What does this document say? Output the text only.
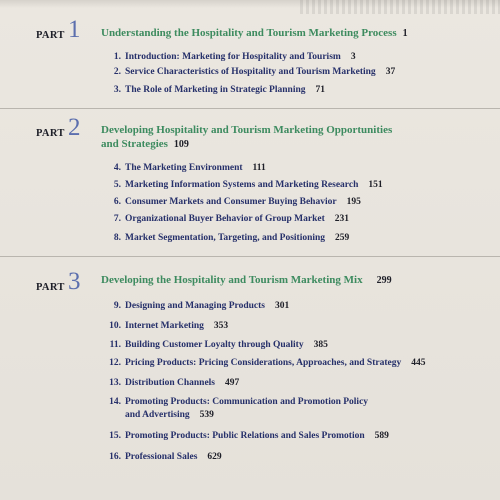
PART 1 Understanding the Hospitality and Tourism Marketing Process 1
1. Introduction: Marketing for Hospitality and Tourism 3
2. Service Characteristics of Hospitality and Tourism Marketing 37
3. The Role of Marketing in Strategic Planning 71
PART 2 Developing Hospitality and Tourism Marketing Opportunities
and Strategies 109
4. The Marketing Environment 111
5. Marketing Information Systems and Marketing Research 151
6. Consumer Markets and Consumer Buying Behavior 195
7. Organizational Buyer Behavior of Group Market 231
8. Market Segmentation, Targeting, and Positioning 259
PART 3 Developing the Hospitality and Tourism Marketing Mix 299
9. Designing and Managing Products 301
10. Internet Marketing 353
11. Building Customer Loyalty through Quality 385
12. Pricing Products: Pricing Considerations, Approaches, and Strategy 445
13. Distribution Channels 497
14. Promoting Products: Communication and Promotion Policy
and Advertising 539
15. Promoting Products: Public Relations and Sales Promotion 589
16. Professional Sales 629
